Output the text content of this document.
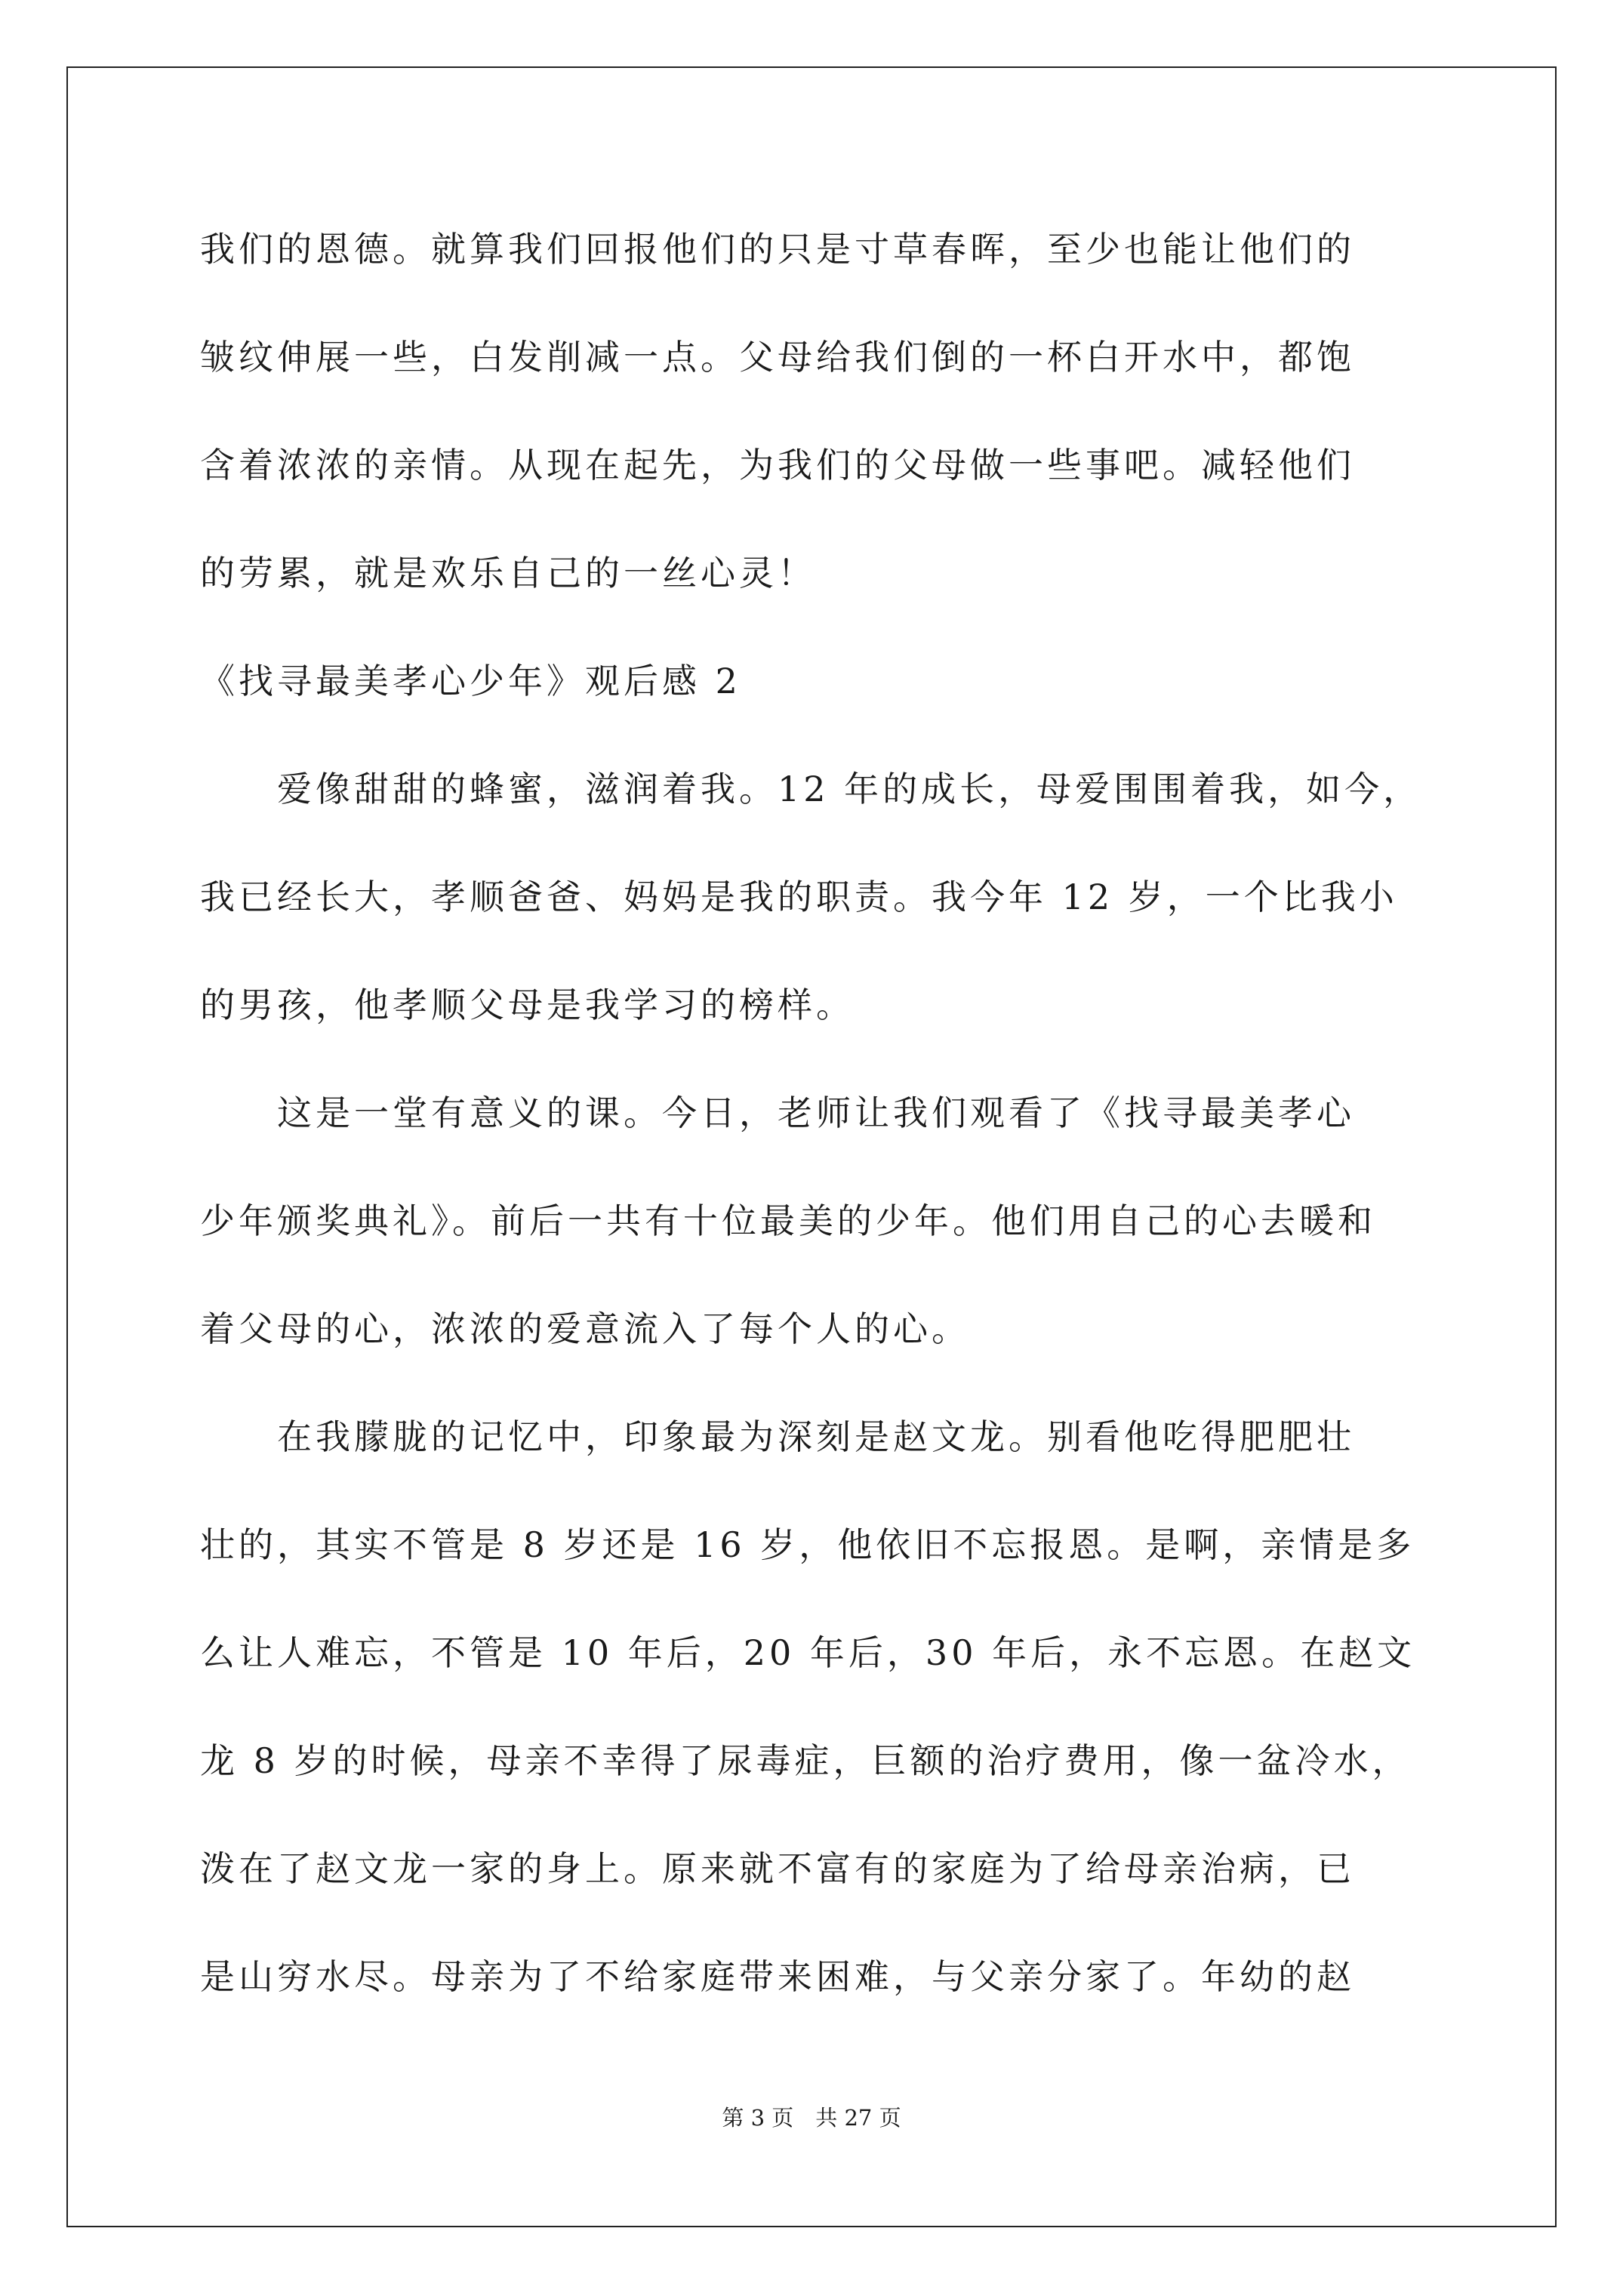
我们的恩德。就算我们回报他们的只是寸草春晖，至少也能让他们的
皱纹伸展一些，白发削减一点。父母给我们倒的一杯白开水中，都饱
含着浓浓的亲情。从现在起先，为我们的父母做一些事吧。减轻他们
的劳累，就是欢乐自己的一丝心灵！
《找寻最美孝心少年》观后感 2
　　爱像甜甜的蜂蜜，滋润着我。12 年的成长，母爱围围着我，如今，
我已经长大，孝顺爸爸、妈妈是我的职责。我今年 12 岁，一个比我小
的男孩，他孝顺父母是我学习的榜样。
　　这是一堂有意义的课。今日，老师让我们观看了《找寻最美孝心
少年颁奖典礼》。前后一共有十位最美的少年。他们用自己的心去暖和
着父母的心，浓浓的爱意流入了每个人的心。
　　在我朦胧的记忆中，印象最为深刻是赵文龙。别看他吃得肥肥壮
壮的，其实不管是 8 岁还是 16 岁，他依旧不忘报恩。是啊，亲情是多
么让人难忘，不管是 10 年后，20 年后，30 年后，永不忘恩。在赵文
龙 8 岁的时候，母亲不幸得了尿毒症，巨额的治疗费用，像一盆冷水，
泼在了赵文龙一家的身上。原来就不富有的家庭为了给母亲治病，已
是山穷水尽。母亲为了不给家庭带来困难，与父亲分家了。年幼的赵
第 3 页　共 27 页
